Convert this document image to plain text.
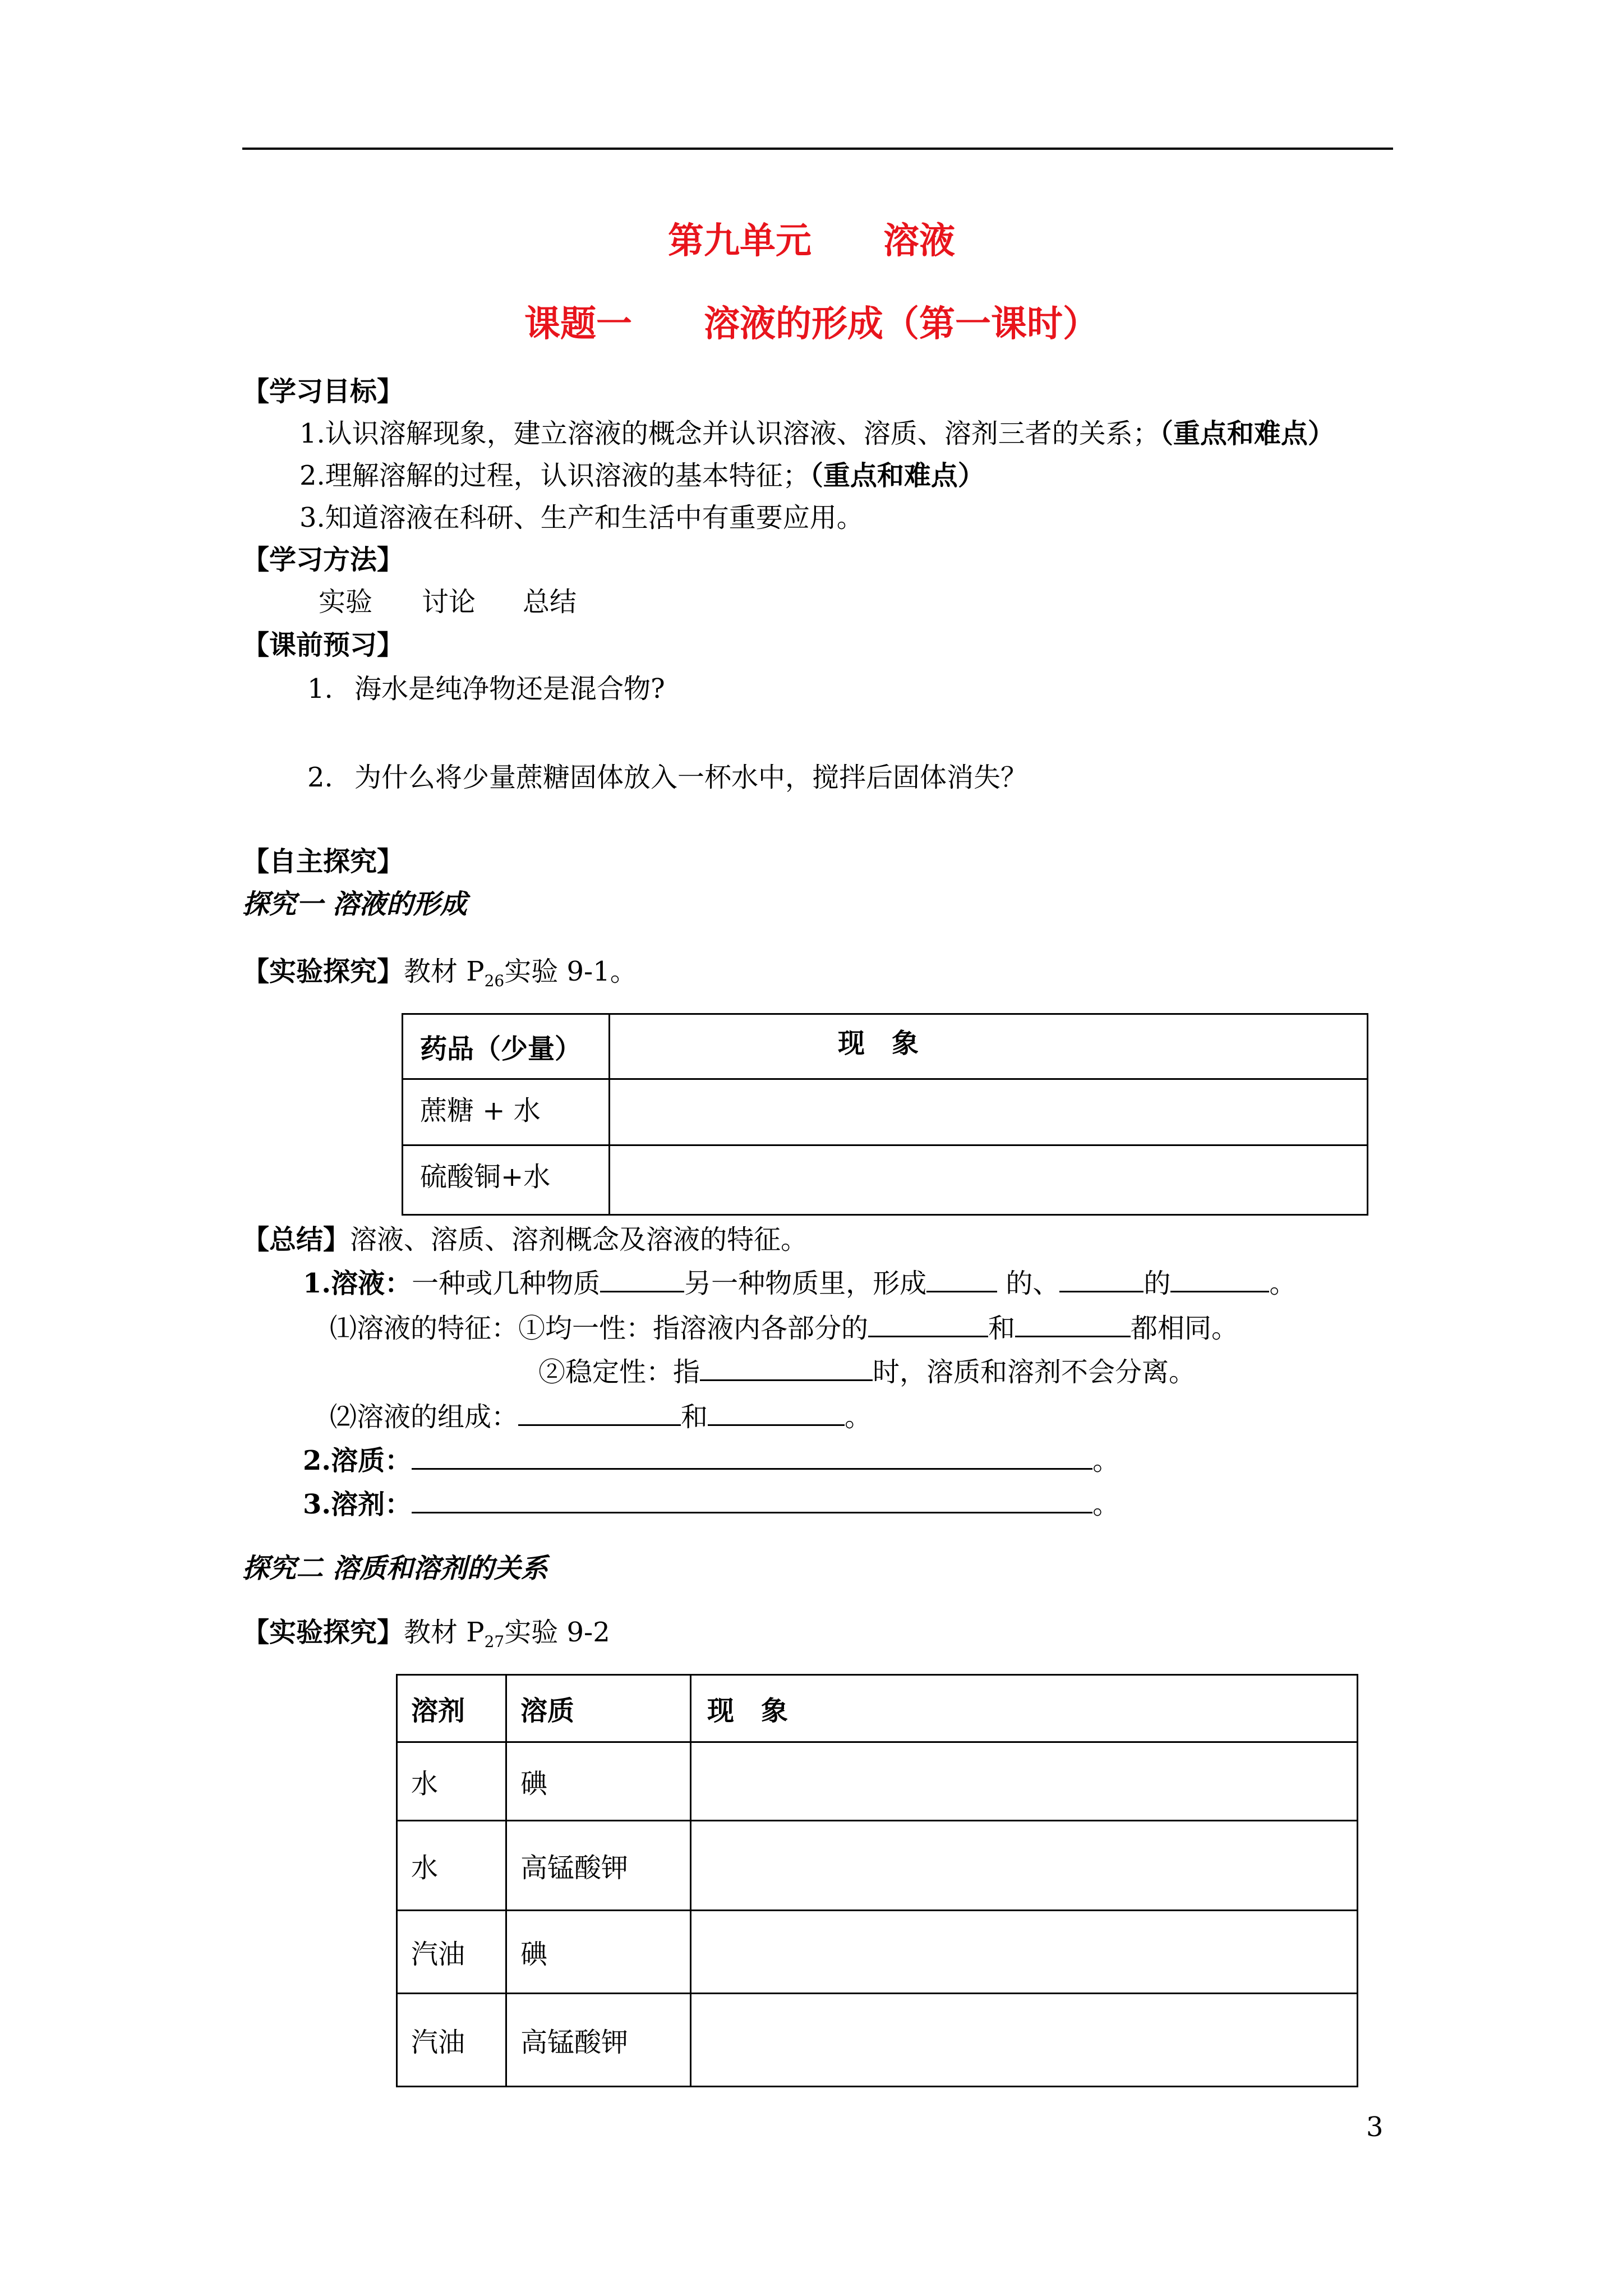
第九单元　　溶液
课题一　　溶液的形成（第一课时）
【学习目标】
1.认识溶解现象，建立溶液的概念并认识溶液、溶质、溶剂三者的关系；（重点和难点）
2.理解溶解的过程，认识溶液的基本特征；（重点和难点）
3.知道溶液在科研、生产和生活中有重要应用。
【学习方法】
实验 讨论 总结
【课前预习】
1. 海水是纯净物还是混合物?
2. 为什么将少量蔗糖固体放入一杯水中，搅拌后固体消失？
【自主探究】
探究一 溶液的形成
【实验探究】教材 $P_{26}$实验 9-1。
药品（少量）	现　象
蔗糖 + 水	
硫酸铜+水	
【总结】溶液、溶质、溶剂概念及溶液的特征。
1.溶液：一种或几种物质	另一种物质里，形成	的、	的	。
⑴溶液的特征：①均一性：指溶液内各部分的	和	都相同。
②稳定性：指	时，溶质和溶剂不会分离。
⑵溶液的组成：	和	。
2.溶质：	。
3.溶剂：	。
探究二 溶质和溶剂的关系
【实验探究】教材 $P_{27}$实验 9-2
溶剂	溶质	现　象
水	碘	
水	高锰酸钾	
汽油	碘	
汽油	高锰酸钾	
3
